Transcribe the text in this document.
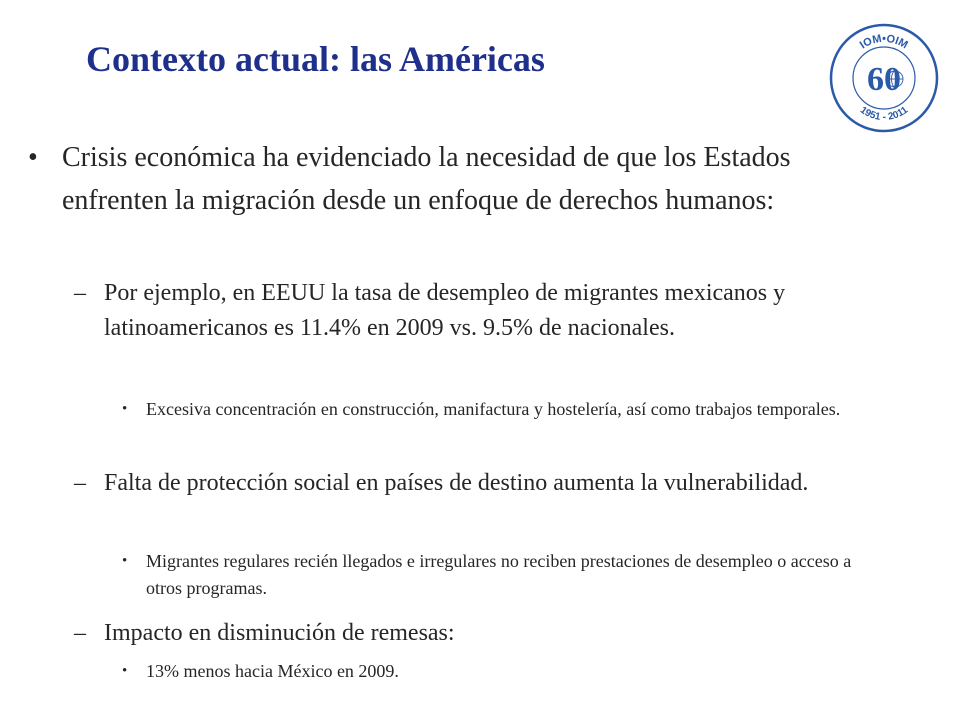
Contexto actual: las Américas	IOM•OIM
1951 - 2011
60

• Crisis económica ha evidenciado la necesidad de que los Estados enfrenten la migración desde un enfoque de derechos humanos:

– Por ejemplo, en EEUU la tasa de desempleo de migrantes mexicanos y latinoamericanos es 11.4% en 2009 vs. 9.5% de nacionales.

• Excesiva concentración en construcción, manifactura y hostelería, así como trabajos temporales.

– Falta de protección social en países de destino aumenta la vulnerabilidad.

• Migrantes regulares recién llegados e irregulares no reciben prestaciones de desempleo o acceso a otros programas.

– Impacto en disminución de remesas:

• 13% menos hacia México en 2009.
